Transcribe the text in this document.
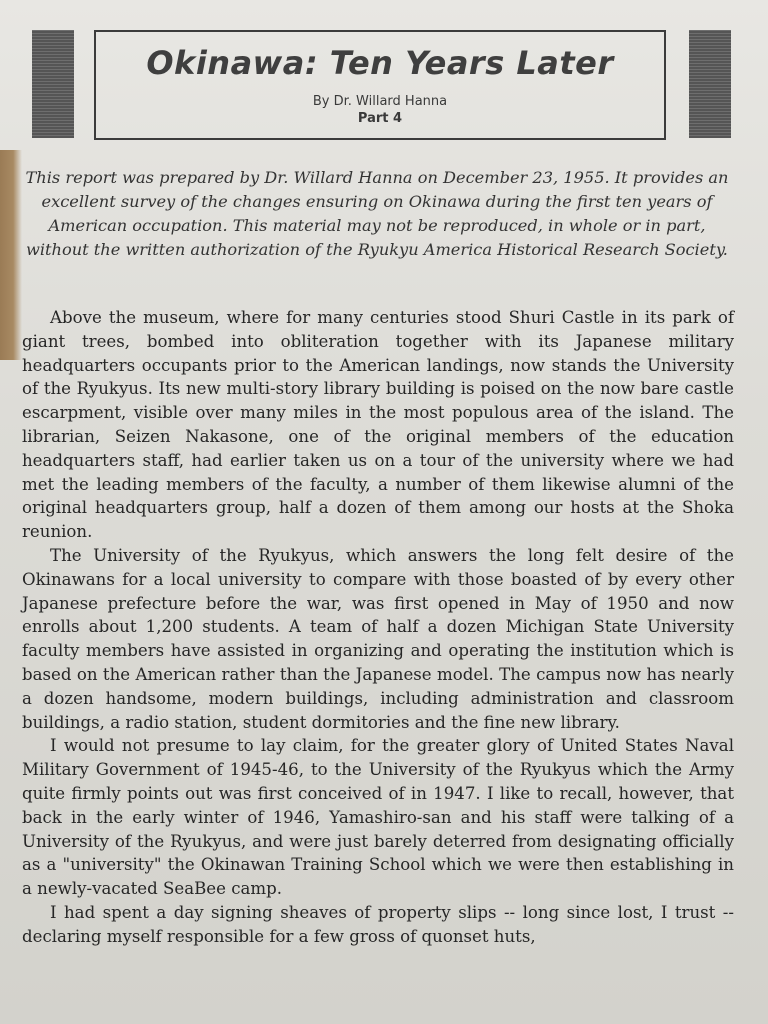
Okinawa: Ten Years Later
By Dr. Willard Hanna
Part 4
This report was prepared by Dr. Willard Hanna on December 23, 1955. It provides an excellent survey of the changes ensuring on Okinawa during the first ten years of American occupation. This material may not be reproduced, in whole or in part, without the written authorization of the Ryukyu America Historical Research Society.

Above the museum, where for many centuries stood Shuri Castle in its park of giant trees, bombed into obliteration together with its Japanese military headquarters occupants prior to the American landings, now stands the University of the Ryukyus. Its new multi-story library building is poised on the now bare castle escarpment, visible over many miles in the most populous area of the island. The librarian, Seizen Nakasone, one of the original members of the education headquarters staff, had earlier taken us on a tour of the university where we had met the leading members of the faculty, a number of them likewise alumni of the original headquarters group, half a dozen of them among our hosts at the Shoka reunion.

The University of the Ryukyus, which answers the long felt desire of the Okinawans for a local university to compare with those boasted of by every other Japanese prefecture before the war, was first opened in May of 1950 and now enrolls about 1,200 students. A team of half a dozen Michigan State University faculty members have assisted in organizing and operating the institution which is based on the American rather than the Japanese model. The campus now has nearly a dozen handsome, modern buildings, including administration and classroom buildings, a radio station, student dormitories and the fine new library.

I would not presume to lay claim, for the greater glory of United States Naval Military Government of 1945-46, to the University of the Ryukyus which the Army quite firmly points out was first conceived of in 1947. I like to recall, however, that back in the early winter of 1946, Yamashiro-san and his staff were talking of a University of the Ryukyus, and were just barely deterred from designating officially as a "university" the Okinawan Training School which we were then establishing in a newly-vacated SeaBee camp.

I had spent a day signing sheaves of property slips -- long since lost, I trust -- declaring myself responsible for a few gross of quonset huts,
